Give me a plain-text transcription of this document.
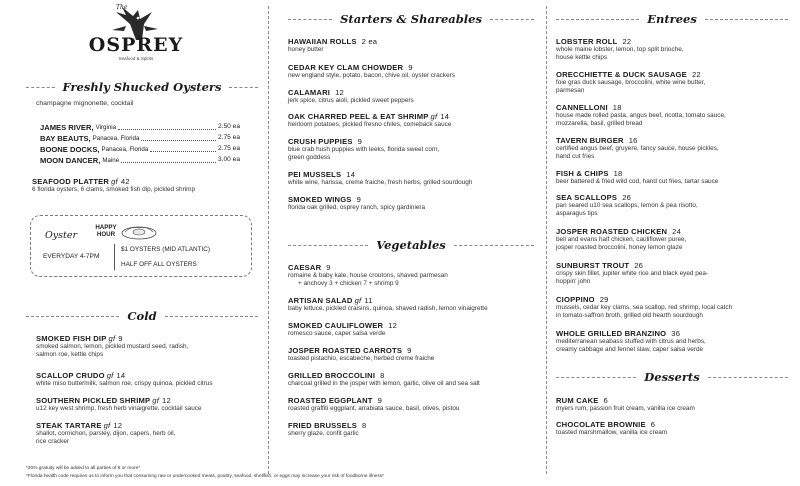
The
OSPREY
Seafood & Spirits
Freshly Shucked Oysters
champagne mignonette, cocktail
JAMES RIVER, Virginia	2.50 ea
BAY BEAUTS, Panacea, Florida	2.75 ea
BOONE DOCKS, Panacea, Florida	2.75 ea
MOON DANCER, Maine	3.00 ea
SEAFOOD PLATTER gf 42
6 florida oysters, 6 clams, smoked fish dip, pickled shrimp
Oyster
HAPPY
HOUR
EVERYDAY 4-7PM
$1 OYSTERS (MID ATLANTIC)
HALF OFF ALL OYSTERS
Cold
SMOKED FISH DIP gf 9
smoked salmon, lemon, pickled mustard seed, radish,
salmon roe, kettle chips
SCALLOP CRUDO gf 14
white miso buttermilk, salmon roe, crispy quinoa, pickled citrus
SOUTHERN PICKLED SHRIMP gf 12
u12 key west shrimp, fresh herb vinaigrette, cocktail sauce
STEAK TARTARE gf 12
shallot, cornichon, parsley, dijon, capers, herb oil,
rice cracker
Starters & Shareables
HAWAIIAN ROLLS 2 ea
honey butter
CEDAR KEY CLAM CHOWDER 9
new england style, potato, bacon, chive oil, oyster crackers
CALAMARI 12
jerk spice, citrus aioli, pickled sweet peppers
OAK CHARRED PEEL & EAT SHRIMP gf 14
heirloom potatoes, pickled fresno chiles, comeback sauce
CRUSH PUPPIES 9
blue crab hush puppies with leeks, florida sweet corn,
green goddess
PEI MUSSELS 14
white wine, harissa, creme fraiche, fresh herbs, grilled sourdough
SMOKED WINGS 9
florida oak grilled, osprey ranch, spicy gardiniera
Vegetables
CAESAR 9
romaine & baby kale, house croutons, shaved parmesan
+ anchovy 3 + chicken 7 + shrimp 9
ARTISAN SALAD gf 11
baby lettuce, pickled craisins, quinoa, shaved radish, lemon vinaigrette
SMOKED CAULIFLOWER 12
romesco sauce, caper salsa verde
JOSPER ROASTED CARROTS 9
toasted pistachio, escabeche, herbed creme fraiche
GRILLED BROCCOLINI 8
charcoal grilled in the josper with lemon, garlic, olive oil and sea salt
ROASTED EGGPLANT 9
roasted graffiti eggplant, arrabiata sauce, basil, olives, pistou
FRIED BRUSSELS 8
sherry glaze, confit garlic
Entrees
LOBSTER ROLL 22
whole maine lobster, lemon, top split brioche,
house kettle chips
ORECCHIETTE & DUCK SAUSAGE 22
foie gras duck sausage, broccolini, white wine butter,
parmesan
CANNELLONI 18
house made rolled pasta, angus beef, ricotta, tomato sauce,
mozzarella, basil, grilled bread
TAVERN BURGER 16
certified angus beef, gruyere, fancy sauce, house pickles,
hand cut fries
FISH & CHIPS 18
beer battered & fried wild cod, hand cut fries, tartar sauce
SEA SCALLOPS 26
pan seared u10 sea scallops, lemon & pea risotto,
asparagus tips
JOSPER ROASTED CHICKEN 24
bell and evans half chicken, cauliflower puree,
josper roasted broccolini, honey lemon glaze
SUNBURST TROUT 26
crispy skin fillet, jupiter white rice and black eyed pea-
hoppin' john
CIOPPINO 29
mussels, cedar key clams, sea scallop, red shrimp, local catch
in tomato-saffron broth, grilled old hearth sourdough
WHOLE GRILLED BRANZINO 36
mediterranean seabass stuffed with citrus and herbs,
creamy cabbage and fennel slaw, caper salsa verde
Desserts
RUM CAKE 6
myers rum, passion fruit cream, vanilla ice cream
CHOCOLATE BROWNIE 6
toasted marshmallow, vanilla ice cream
*20% gratuity will be added to all parties of 6 or more*
*Florida health code requires us to inform you that consuming raw or undercooked meats, poultry, seafood, shellfish, or eggs may increase your risk of foodborne illness*
